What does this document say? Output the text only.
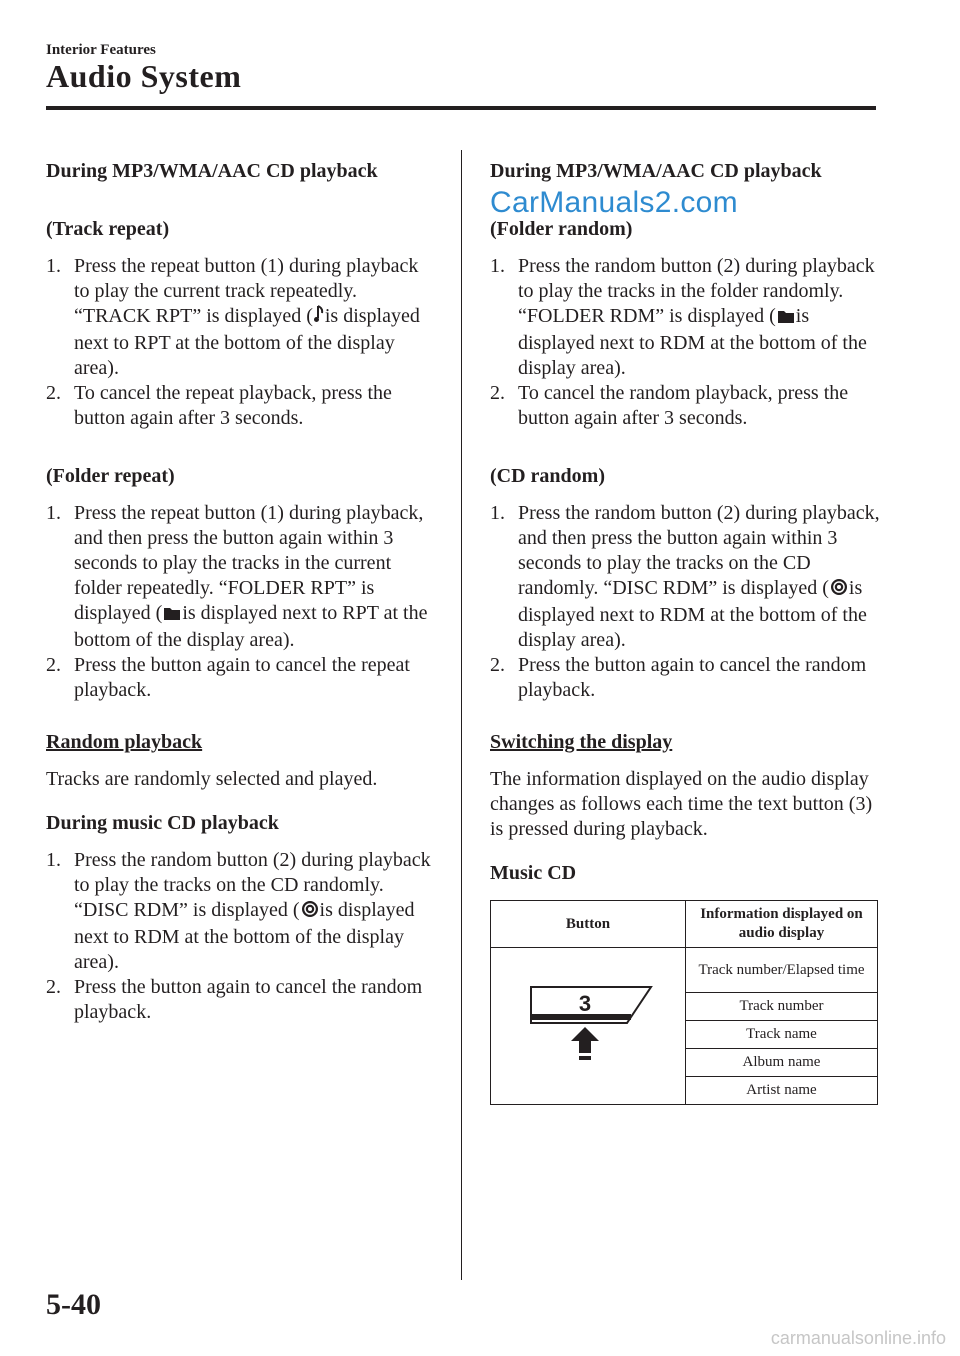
Interior Features
Audio System

During MP3/WMA/AAC CD playback

(Track repeat)

1. Press the repeat button (1) during playback to play the current track repeatedly. “TRACK RPT” is displayed ( is displayed next to RPT at the bottom of the display area).
2. To cancel the repeat playback, press the button again after 3 seconds.

(Folder repeat)

1. Press the repeat button (1) during playback, and then press the button again within 3 seconds to play the tracks in the current folder repeatedly. “FOLDER RPT” is displayed ( is displayed next to RPT at the bottom of the display area).
2. Press the button again to cancel the repeat playback.

Random playback

Tracks are randomly selected and played.

During music CD playback

1. Press the random button (2) during playback to play the tracks on the CD randomly. “DISC RDM” is displayed ( is displayed next to RDM at the bottom of the display area).
2. Press the button again to cancel the random playback.
CarManuals2.com

During MP3/WMA/AAC CD playback

(Folder random)

1. Press the random button (2) during playback to play the tracks in the folder randomly. “FOLDER RDM” is displayed ( is displayed next to RDM at the bottom of the display area).
2. To cancel the random playback, press the button again after 3 seconds.

(CD random)

1. Press the random button (2) during playback, and then press the button again within 3 seconds to play the tracks on the CD randomly. “DISC RDM” is displayed ( is displayed next to RDM at the bottom of the display area).
2. Press the button again to cancel the random playback.

Switching the display

The information displayed on the audio display changes as follows each time the text button (3) is pressed during playback.

Music CD

Button	Information displayed on audio display

3	Track number/Elapsed time
	Track number
	Track name
	Album name
	Artist name
5-40
carmanualsonline.info
